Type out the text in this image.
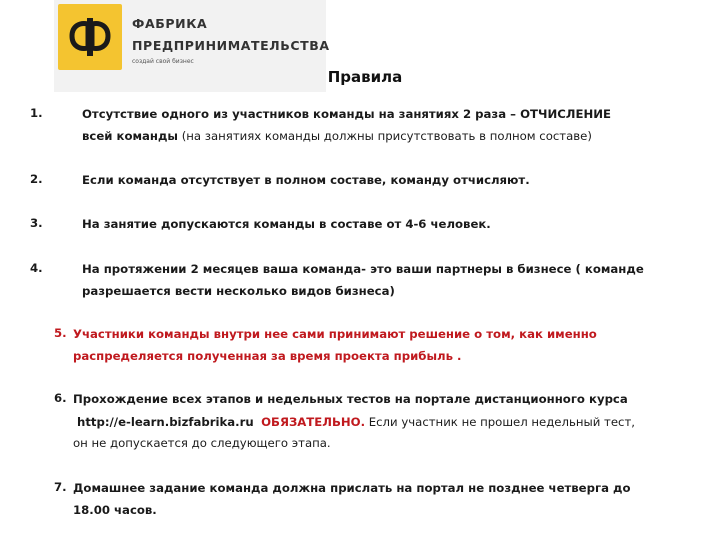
ФАБРИКА
ПРЕДПРИНИМАТЕЛЬСТВА
создай свой бизнес
Правила
1.	Отсутствие одного из участников команды на занятиях 2 раза – ОТЧИСЛЕНИЕ
всей команды (на занятиях команды должны присутствовать в полном составе)
2.	Если команда отсутствует в полном составе, команду отчисляют.
3.	На занятие допускаются команды в составе от 4-6 человек.
4.	На протяжении 2 месяцев ваша команда- это ваши партнеры в бизнесе ( команде
разрешается вести несколько видов бизнеса)
5. Участники команды внутри нее сами принимают решение о том, как именно
распределяется полученная за время проекта прибыль .
6. Прохождение всех этапов и недельных тестов на портале дистанционного курса
http://e-learn.bizfabrika.ru ОБЯЗАТЕЛЬНО. Если участник не прошел недельный тест,
он не допускается до следующего этапа.
7. Домашнее задание команда должна прислать на портал не позднее четверга до
18.00 часов.
